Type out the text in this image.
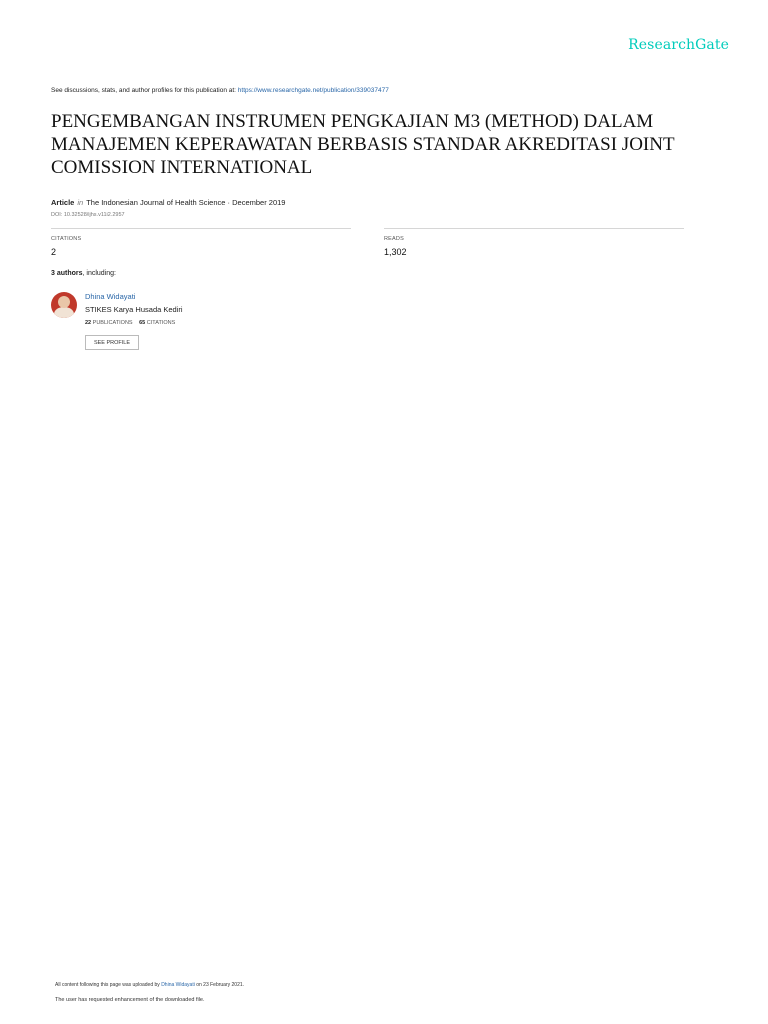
ResearchGate
See discussions, stats, and author profiles for this publication at: https://www.researchgate.net/publication/339037477
PENGEMBANGAN INSTRUMEN PENGKAJIAN M3 (METHOD) DALAM MANAJEMEN KEPERAWATAN BERBASIS STANDAR AKREDITASI JOINT COMISSION INTERNATIONAL
Article in The Indonesian Journal of Health Science · December 2019
DOI: 10.32528/ijhs.v11i2.2957
CITATIONS
2
READS
1,302
3 authors, including:
Dhina Widayati
STIKES Karya Husada Kediri
22 PUBLICATIONS 65 CITATIONS
SEE PROFILE
All content following this page was uploaded by Dhina Widayati on 23 February 2021.
The user has requested enhancement of the downloaded file.
